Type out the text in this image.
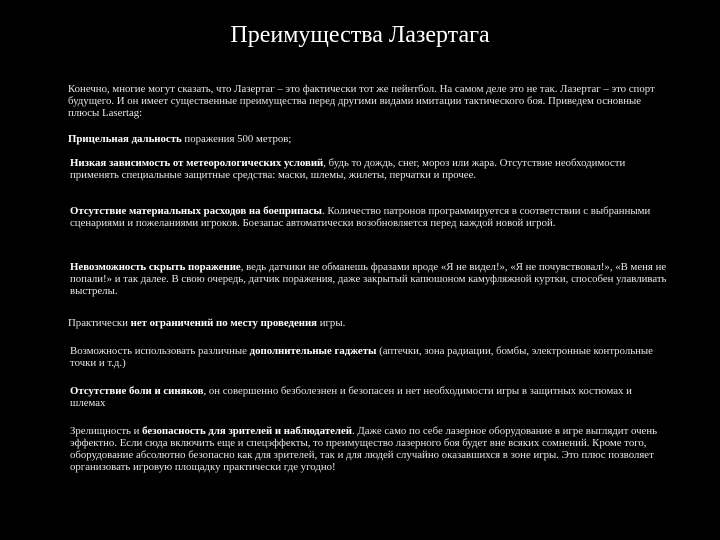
Преимущества Лазертага

Конечно, многие могут сказать, что Лазертаг – это фактически тот же пейнтбол. На самом деле это не так. Лазертаг – это спорт будущего. И он имеет существенные преимущества перед другими видами имитации тактического боя. Приведем основные плюсы Lasertag:

Прицельная дальность поражения 500 метров;

Низкая зависимость от метеорологических условий, будь то дождь, снег, мороз или жара. Отсутствие необходимости применять специальные защитные средства: маски, шлемы, жилеты, перчатки и прочее.

Отсутствие материальных расходов на боеприпасы. Количество патронов программируется в соответствии с выбранными сценариями и пожеланиями игроков. Боезапас автоматически возобновляется перед каждой новой игрой.

Невозможность скрыть поражение, ведь датчики не обманешь фразами вроде «Я не видел!», «Я не почувствовал!», «В меня не попали!» и так далее. В свою очередь, датчик поражения, даже закрытый капюшоном камуфляжной куртки, способен улавливать выстрелы.

Практически нет ограничений по месту проведения игры.

Возможность использовать различные дополнительные гаджеты (аптечки, зона радиации, бомбы, электронные контрольные точки и т.д.)

Отсутствие боли и синяков, он совершенно безболезнен и безопасен и нет необходимости игры в защитных костюмах и шлемах

Зрелищность и безопасность для зрителей и наблюдателей. Даже само по себе лазерное оборудование в игре выглядит очень эффектно. Если сюда включить еще и спецэффекты, то преимущество лазерного боя будет вне всяких сомнений. Кроме того, оборудование абсолютно безопасно как для зрителей, так и для людей случайно оказавшихся в зоне игры. Это плюс позволяет организовать игровую площадку практически где угодно!
